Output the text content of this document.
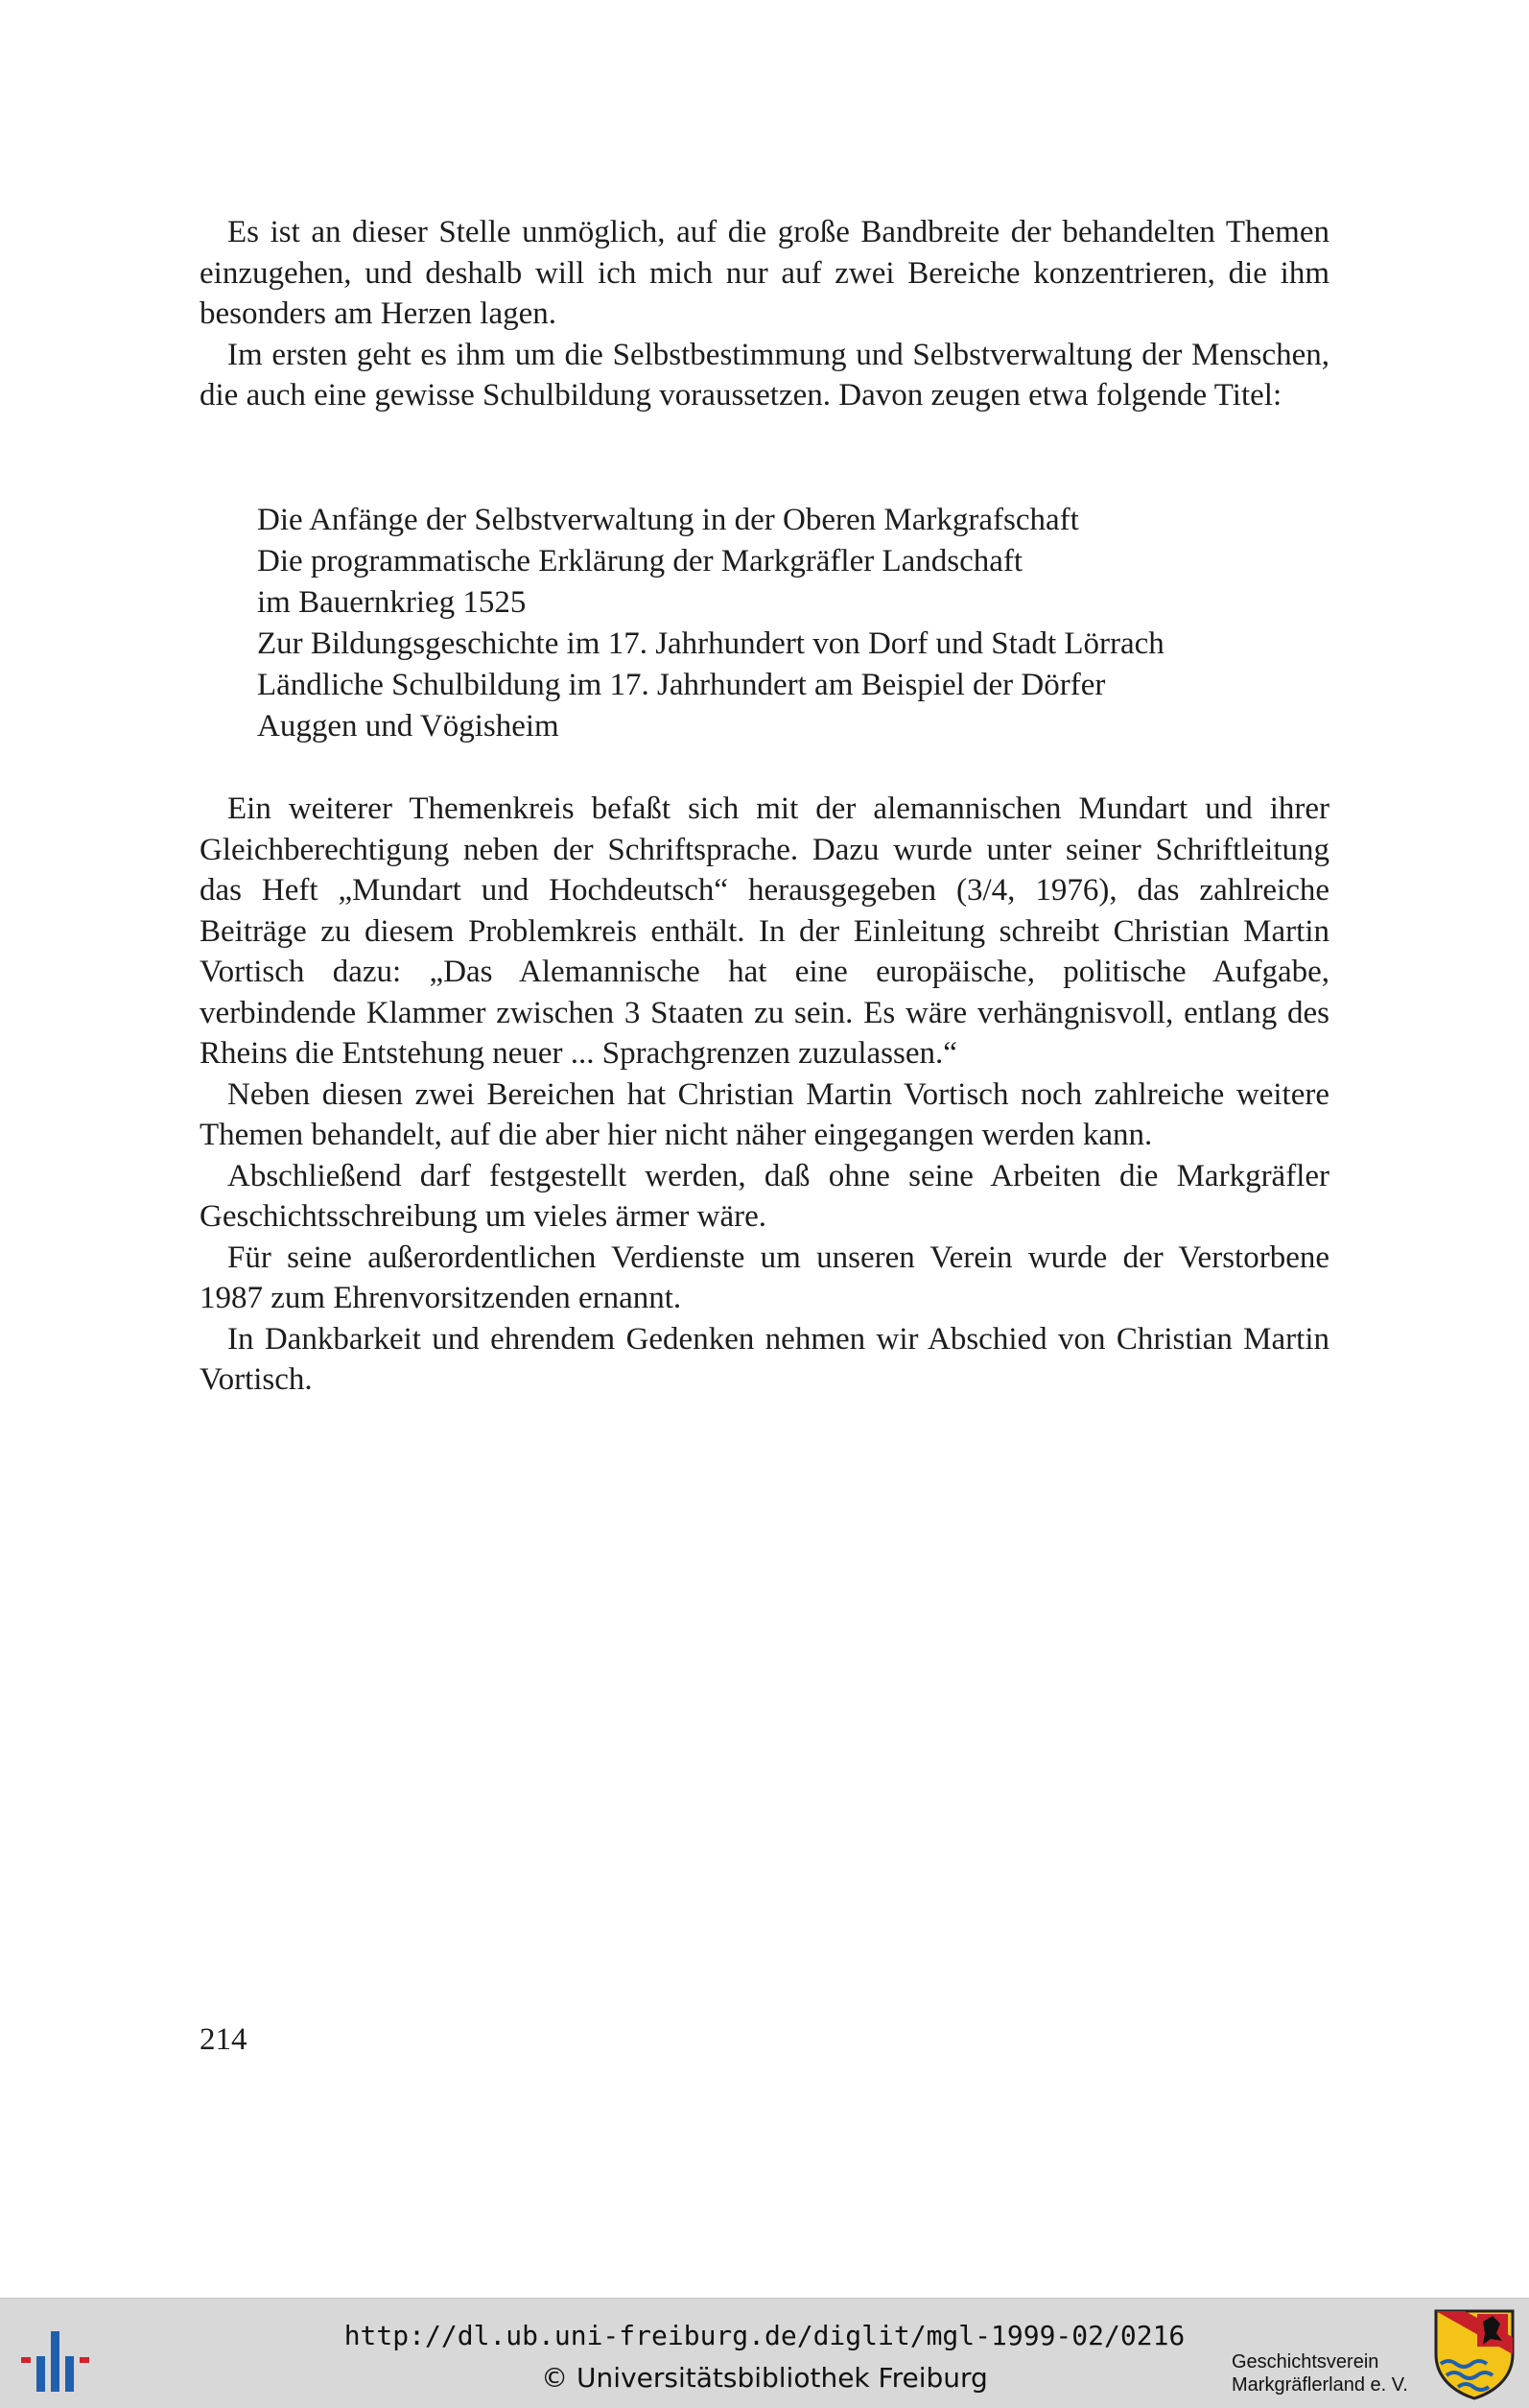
Es ist an dieser Stelle unmöglich, auf die große Bandbreite der behandelten Themen einzugehen, und deshalb will ich mich nur auf zwei Bereiche konzentrieren, die ihm besonders am Herzen lagen.

Im ersten geht es ihm um die Selbstbestimmung und Selbstverwaltung der Menschen, die auch eine gewisse Schulbildung voraussetzen. Davon zeugen etwa folgende Titel:

Die Anfänge der Selbstverwaltung in der Oberen Markgrafschaft
Die programmatische Erklärung der Markgräfler Landschaft
im Bauernkrieg 1525
Zur Bildungsgeschichte im 17. Jahrhundert von Dorf und Stadt Lörrach
Ländliche Schulbildung im 17. Jahrhundert am Beispiel der Dörfer
Auggen und Vögisheim

Ein weiterer Themenkreis befaßt sich mit der alemannischen Mundart und ihrer Gleichberechtigung neben der Schriftsprache. Dazu wurde unter seiner Schriftleitung das Heft „Mundart und Hochdeutsch“ herausgegeben (3/4, 1976), das zahlreiche Beiträge zu diesem Problemkreis enthält. In der Einleitung schreibt Christian Martin Vortisch dazu: „Das Alemannische hat eine europäische, politische Aufgabe, verbindende Klammer zwischen 3 Staaten zu sein. Es wäre verhängnisvoll, entlang des Rheins die Entstehung neuer ... Sprachgrenzen zuzulassen.“

Neben diesen zwei Bereichen hat Christian Martin Vortisch noch zahlreiche weitere Themen behandelt, auf die aber hier nicht näher eingegangen werden kann.

Abschließend darf festgestellt werden, daß ohne seine Arbeiten die Markgräfler Geschichtsschreibung um vieles ärmer wäre.

Für seine außerordentlichen Verdienste um unseren Verein wurde der Verstorbene 1987 zum Ehrenvorsitzenden ernannt.

In Dankbarkeit und ehrendem Gedenken nehmen wir Abschied von Christian Martin Vortisch.

214
http://dl.ub.uni-freiburg.de/diglit/mgl-1999-02/0216
© Universitätsbibliothek Freiburg	Geschichtsverein
Markgräflerland e. V.
